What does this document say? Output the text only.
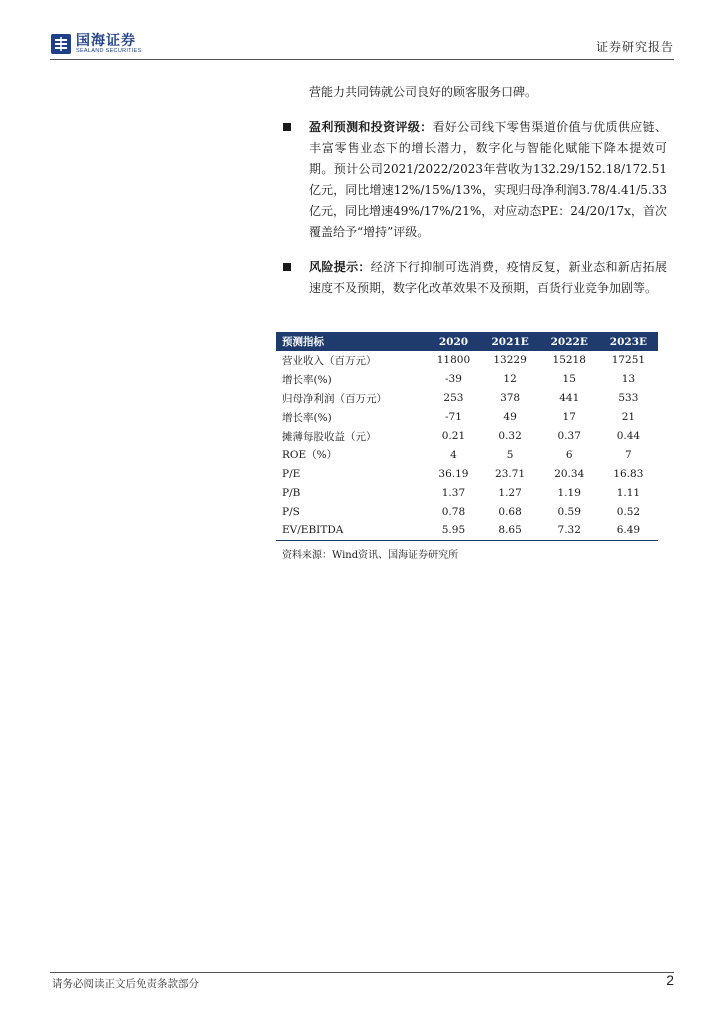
国海证券
SEALAND SECURITIES	证券研究报告

营能力共同铸就公司良好的顾客服务口碑。

盈利预测和投资评级：看好公司线下零售渠道价值与优质供应链、丰富零售业态下的增长潜力，数字化与智能化赋能下降本提效可期。预计公司2021/2022/2023年营收为132.29/152.18/172.51亿元，同比增速12%/15%/13%，实现归母净利润3.78/4.41/5.33亿元，同比增速49%/17%/21%，对应动态PE：24/20/17x，首次覆盖给予“增持”评级。
风险提示：经济下行抑制可选消费，疫情反复，新业态和新店拓展速度不及预期，数字化改革效果不及预期，百货行业竞争加剧等。
预测指标	2020	2021E	2022E	2023E
营业收入（百万元）	11800	13229	15218	17251
增长率(%)	-39	12	15	13
归母净利润（百万元）	253	378	441	533
增长率(%)	-71	49	17	21
摊薄每股收益（元）	0.21	0.32	0.37	0.44
ROE（%）	4	5	6	7
P/E	36.19	23.71	20.34	16.83
P/B	1.37	1.27	1.19	1.11
P/S	0.78	0.68	0.59	0.52
EV/EBITDA	5.95	8.65	7.32	6.49
资料来源：Wind资讯、国海证券研究所
请务必阅读正文后免责条款部分	2
